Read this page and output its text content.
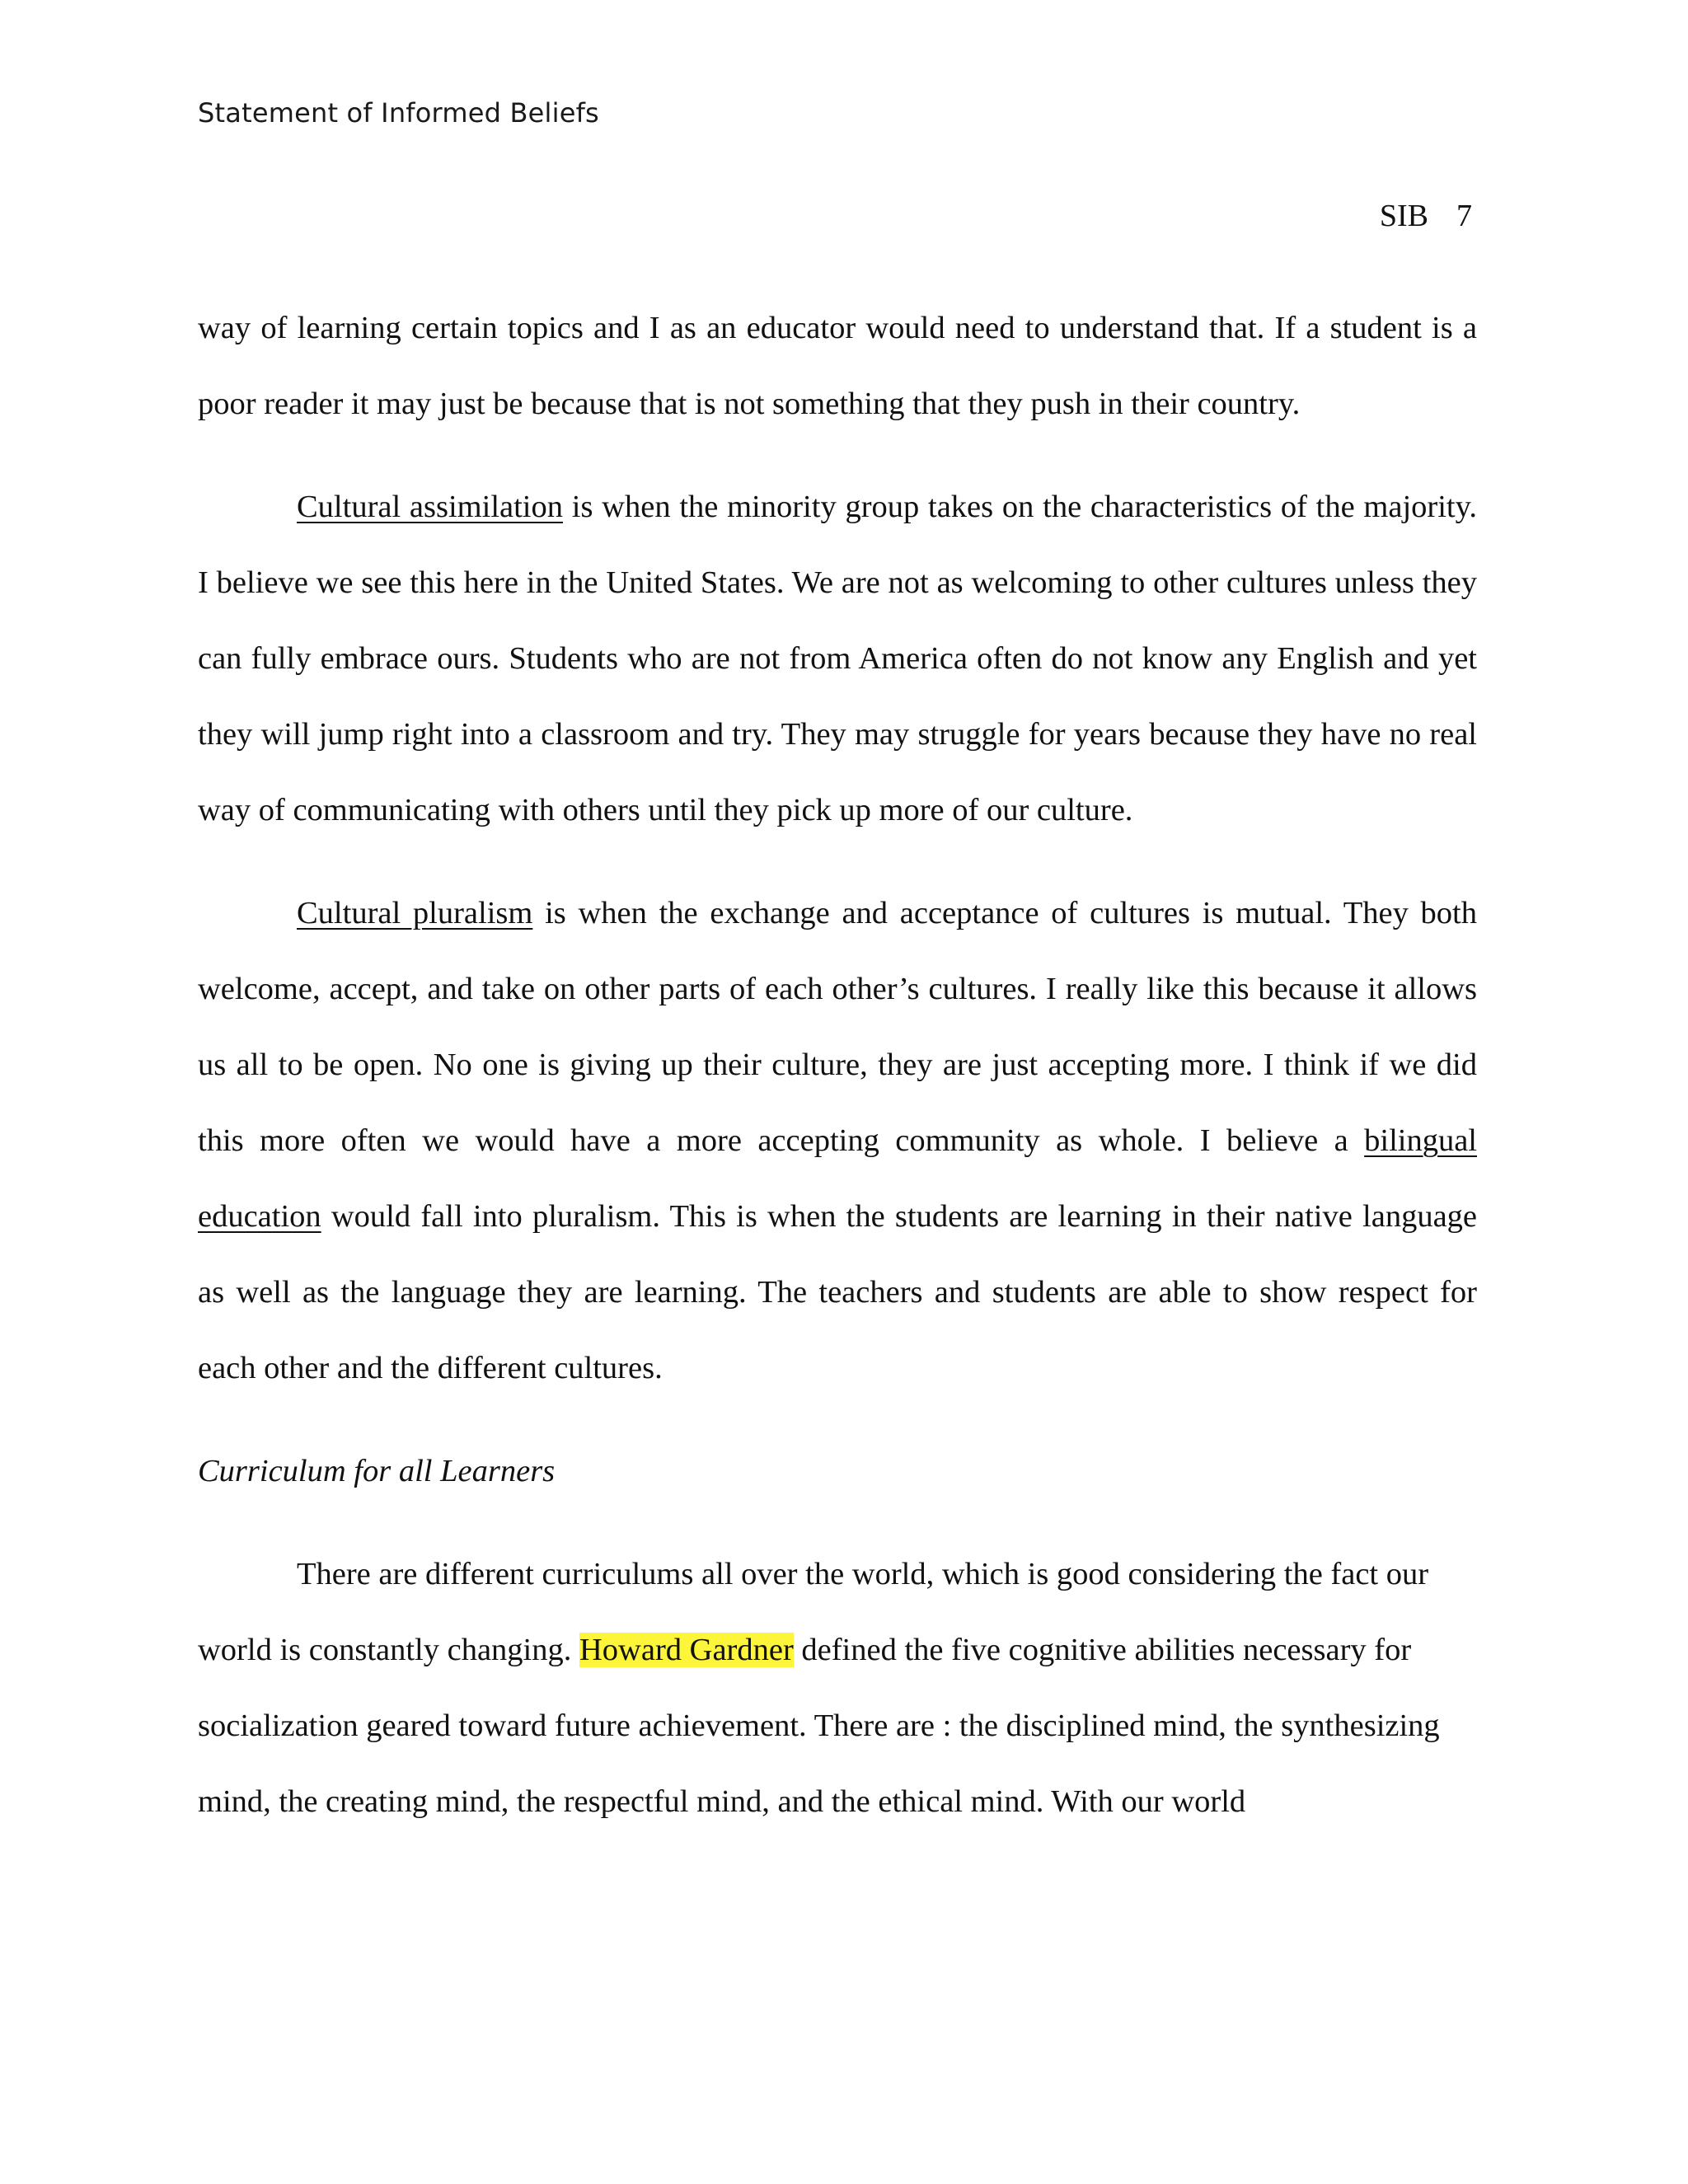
Statement of Informed Beliefs
SIB 7

way of learning certain topics and I as an educator would need to understand that. If a student is a poor reader it may just be because that is not something that they push in their country.

Cultural assimilation is when the minority group takes on the characteristics of the majority. I believe we see this here in the United States. We are not as welcoming to other cultures unless they can fully embrace ours. Students who are not from America often do not know any English and yet they will jump right into a classroom and try. They may struggle for years because they have no real way of communicating with others until they pick up more of our culture.

Cultural pluralism is when the exchange and acceptance of cultures is mutual. They both welcome, accept, and take on other parts of each other’s cultures. I really like this because it allows us all to be open. No one is giving up their culture, they are just accepting more. I think if we did this more often we would have a more accepting community as whole. I believe a bilingual education would fall into pluralism. This is when the students are learning in their native language as well as the language they are learning. The teachers and students are able to show respect for each other and the different cultures.

Curriculum for all Learners

There are different curriculums all over the world, which is good considering the fact our world is constantly changing. Howard Gardner defined the five cognitive abilities necessary for socialization geared toward future achievement. There are : the disciplined mind, the synthesizing mind, the creating mind, the respectful mind, and the ethical mind. With our world
